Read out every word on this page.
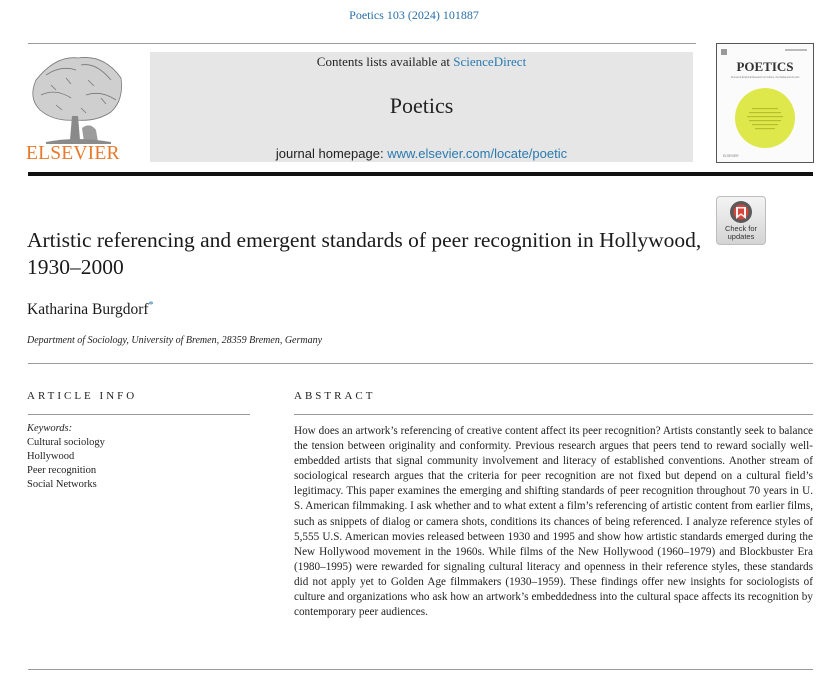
Poetics 103 (2024) 101887
ELSEVIER
Contents lists available at ScienceDirect
Poetics
journal homepage: www.elsevier.com/locate/poetic
POETICS
Journal of Empirical Research on Culture, the Media and the Arts
ELSEVIER
Check for
updates
Artistic referencing and emergent standards of peer recognition in Hollywood, 1930–2000
Katharina Burgdorf*
Department of Sociology, University of Bremen, 28359 Bremen, Germany
ARTICLE INFO
Keywords:
Cultural sociology
Hollywood
Peer recognition
Social Networks
ABSTRACT
How does an artwork’s referencing of creative content affect its peer recognition? Artists constantly seek to balance the tension between originality and conformity. Previous research argues that peers tend to reward socially well-embedded artists that signal community involvement and literacy of established conventions. Another stream of sociological research argues that the criteria for peer recognition are not fixed but depend on a cultural field’s legitimacy. This paper examines the emerging and shifting standards of peer recognition throughout 70 years in U. S. American filmmaking. I ask whether and to what extent a film’s referencing of artistic content from earlier films, such as snippets of dialog or camera shots, conditions its chances of being referenced. I analyze reference styles of 5,555 U.S. American movies released between 1930 and 1995 and show how artistic standards emerged during the New Hollywood movement in the 1960s. While films of the New Hollywood (1960–1979) and Blockbuster Era (1980–1995) were rewarded for signaling cultural literacy and openness in their reference styles, these standards did not apply yet to Golden Age filmmakers (1930–1959). These findings offer new insights for sociologists of culture and organizations who ask how an artwork’s embeddedness into the cultural space affects its recognition by contemporary peer audiences.
